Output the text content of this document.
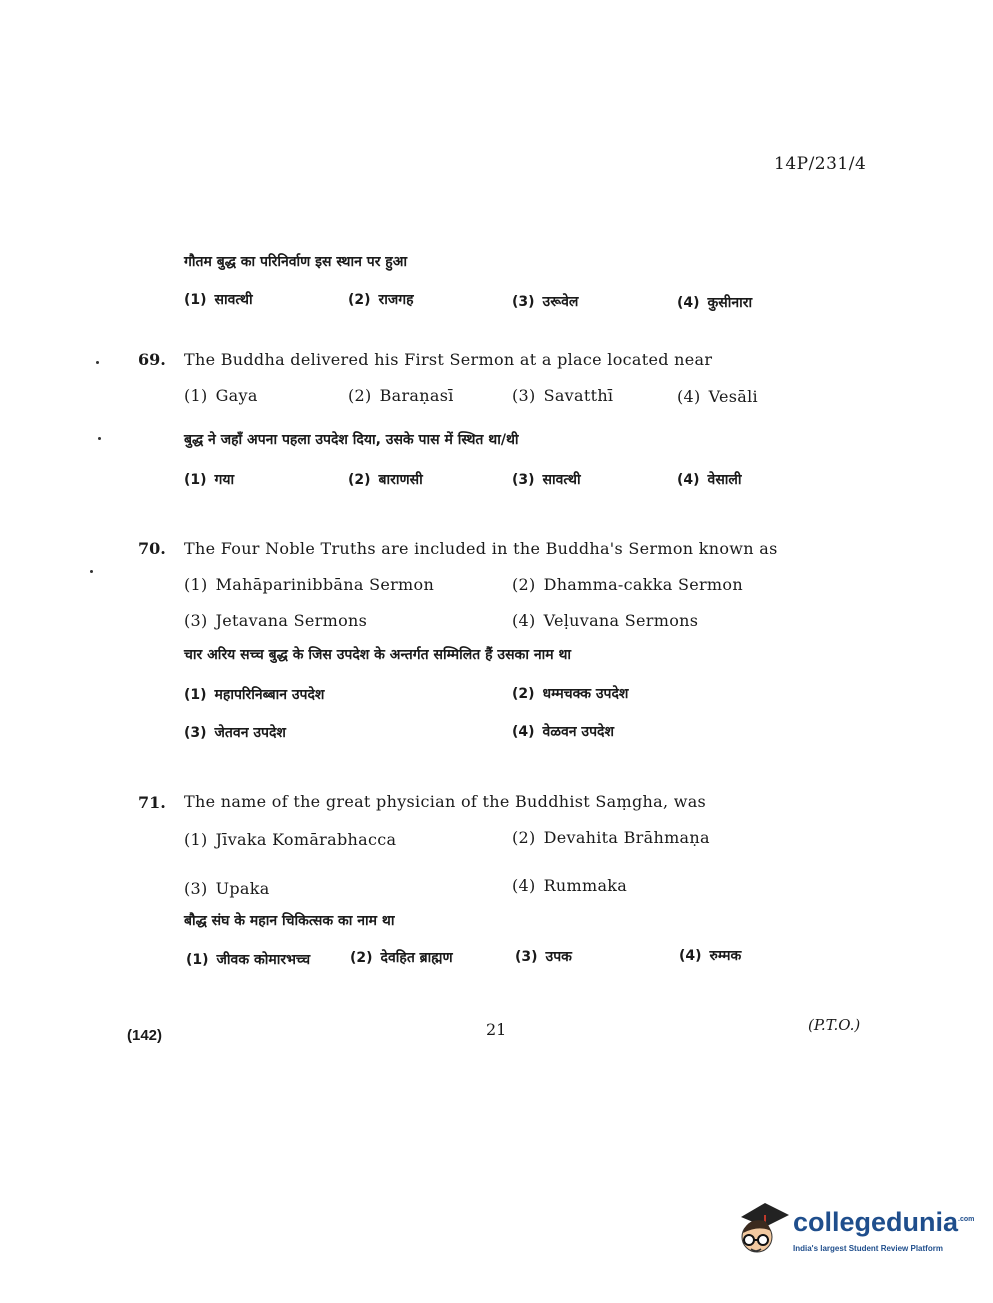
14P/231/4
गौतम बुद्ध का परिनिर्वाण इस स्थान पर हुआ
(1) सावत्थी	(2) राजगह	(3) उरूवेल	(4) कुसीनारा
69. The Buddha delivered his First Sermon at a place located near
(1) Gaya	(2) Baraṇasī	(3) Savatthī	(4) Vesāli
बुद्ध ने जहाँ अपना पहला उपदेश दिया, उसके पास में स्थित था/थी
(1) गया	(2) बाराणसी	(3) सावत्थी	(4) वेसाली
70. The Four Noble Truths are included in the Buddha's Sermon known as
(1) Mahāparinibbāna Sermon	(2) Dhamma-cakka Sermon
(3) Jetavana Sermons	(4) Veḷuvana Sermons
चार अरिय सच्च बुद्ध के जिस उपदेश के अन्तर्गत सम्मिलित हैं उसका नाम था
(1) महापरिनिब्बान उपदेश	(2) धम्मचक्क उपदेश
(3) जेतवन उपदेश	(4) वेळवन उपदेश
71. The name of the great physician of the Buddhist Saṃgha, was
(1) Jīvaka Komārabhacca	(2) Devahita Brāhmaṇa
(3) Upaka	(4) Rummaka
बौद्ध संघ के महान चिकित्सक का नाम था
(1) जीवक कोमारभच्च	(2) देवहित ब्राह्मण	(3) उपक	(4) रुम्मक
(142)	21	(P.T.O.)
collegedunia$^{.com}$
India's largest Student Review Platform
